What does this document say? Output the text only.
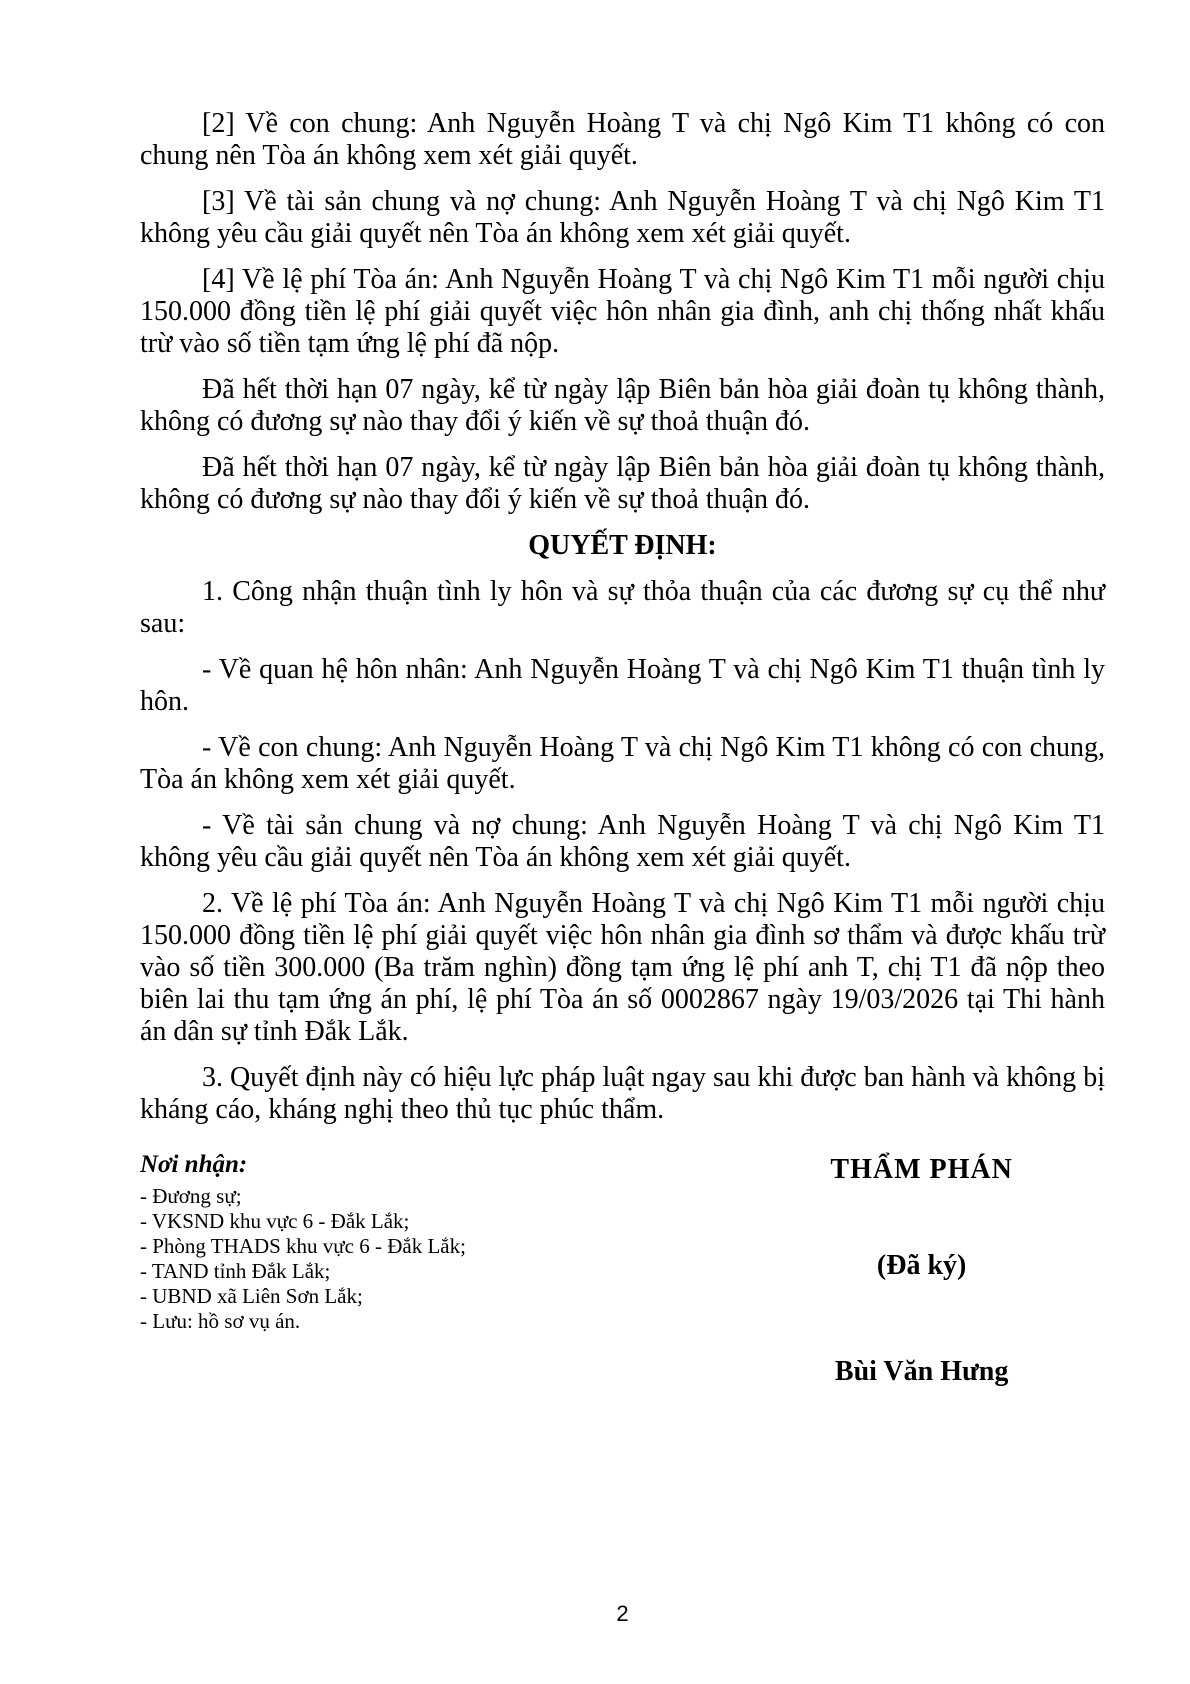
[2] Về con chung: Anh Nguyễn Hoàng T và chị Ngô Kim T1 không có con chung nên Tòa án không xem xét giải quyết.

[3] Về tài sản chung và nợ chung: Anh Nguyễn Hoàng T và chị Ngô Kim T1 không yêu cầu giải quyết nên Tòa án không xem xét giải quyết.

[4] Về lệ phí Tòa án: Anh Nguyễn Hoàng T và chị Ngô Kim T1 mỗi người chịu 150.000 đồng tiền lệ phí giải quyết việc hôn nhân gia đình, anh chị thống nhất khấu trừ vào số tiền tạm ứng lệ phí đã nộp.

Đã hết thời hạn 07 ngày, kể từ ngày lập Biên bản hòa giải đoàn tụ không thành, không có đương sự nào thay đổi ý kiến về sự thoả thuận đó.

Đã hết thời hạn 07 ngày, kể từ ngày lập Biên bản hòa giải đoàn tụ không thành, không có đương sự nào thay đổi ý kiến về sự thoả thuận đó.

QUYẾT ĐỊNH:

1. Công nhận thuận tình ly hôn và sự thỏa thuận của các đương sự cụ thể như sau:

- Về quan hệ hôn nhân: Anh Nguyễn Hoàng T và chị Ngô Kim T1 thuận tình ly hôn.

- Về con chung: Anh Nguyễn Hoàng T và chị Ngô Kim T1 không có con chung, Tòa án không xem xét giải quyết.

- Về tài sản chung và nợ chung: Anh Nguyễn Hoàng T và chị Ngô Kim T1 không yêu cầu giải quyết nên Tòa án không xem xét giải quyết.

2. Về lệ phí Tòa án: Anh Nguyễn Hoàng T và chị Ngô Kim T1 mỗi người chịu 150.000 đồng tiền lệ phí giải quyết việc hôn nhân gia đình sơ thẩm và được khấu trừ vào số tiền 300.000 (Ba trăm nghìn) đồng tạm ứng lệ phí anh T, chị T1 đã nộp theo biên lai thu tạm ứng án phí, lệ phí Tòa án số 0002867 ngày 19/03/2026 tại Thi hành án dân sự tỉnh Đắk Lắk.

3. Quyết định này có hiệu lực pháp luật ngay sau khi được ban hành và không bị kháng cáo, kháng nghị theo thủ tục phúc thẩm.

Nơi nhận:
- Đương sự;
- VKSND khu vực 6 - Đắk Lắk;
- Phòng THADS khu vực 6 - Đắk Lắk;
- TAND tỉnh Đắk Lắk;
- UBND xã Liên Sơn Lắk;
- Lưu: hồ sơ vụ án.
THẨM PHÁN
(Đã ký)
Bùi Văn Hưng
2
